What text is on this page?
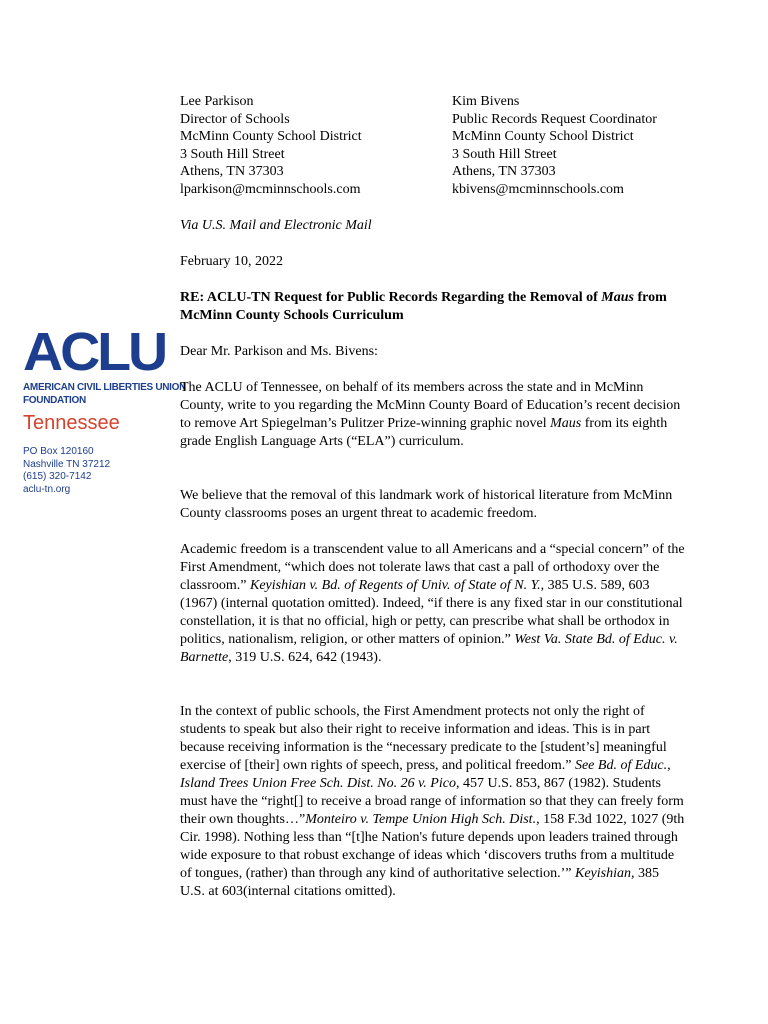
ACLU
AMERICAN CIVIL LIBERTIES UNION
FOUNDATION
Tennessee
PO Box 120160
Nashville TN 37212
(615) 320-7142
aclu-tn.org
Lee Parkison
Director of Schools
McMinn County School District
3 South Hill Street
Athens, TN 37303
lparkison@mcminnschools.com
Kim Bivens
Public Records Request Coordinator
McMinn County School District
3 South Hill Street
Athens, TN 37303
kbivens@mcminnschools.com
Via U.S. Mail and Electronic Mail
February 10, 2022
RE: ACLU-TN Request for Public Records Regarding the Removal of Maus from McMinn County Schools Curriculum
Dear Mr. Parkison and Ms. Bivens:
The ACLU of Tennessee, on behalf of its members across the state and in McMinn County, write to you regarding the McMinn County Board of Education’s recent decision to remove Art Spiegelman’s Pulitzer Prize-winning graphic novel Maus from its eighth grade English Language Arts (“ELA”) curriculum.
We believe that the removal of this landmark work of historical literature from McMinn County classrooms poses an urgent threat to academic freedom.
Academic freedom is a transcendent value to all Americans and a “special concern” of the First Amendment, “which does not tolerate laws that cast a pall of orthodoxy over the classroom.” Keyishian v. Bd. of Regents of Univ. of State of N. Y., 385 U.S. 589, 603 (1967) (internal quotation omitted). Indeed, “if there is any fixed star in our constitutional constellation, it is that no official, high or petty, can prescribe what shall be orthodox in politics, nationalism, religion, or other matters of opinion.” West Va. State Bd. of Educ. v. Barnette, 319 U.S. 624, 642 (1943).
In the context of public schools, the First Amendment protects not only the right of students to speak but also their right to receive information and ideas. This is in part because receiving information is the “necessary predicate to the [student’s] meaningful exercise of [their] own rights of speech, press, and political freedom.” See Bd. of Educ., Island Trees Union Free Sch. Dist. No. 26 v. Pico, 457 U.S. 853, 867 (1982). Students must have the “right[] to receive a broad range of information so that they can freely form their own thoughts…”Monteiro v. Tempe Union High Sch. Dist., 158 F.3d 1022, 1027 (9th Cir. 1998). Nothing less than “[t]he Nation's future depends upon leaders trained through wide exposure to that robust exchange of ideas which ‘discovers truths from a multitude of tongues, (rather) than through any kind of authoritative selection.’” Keyishian, 385 U.S. at 603(internal citations omitted).
